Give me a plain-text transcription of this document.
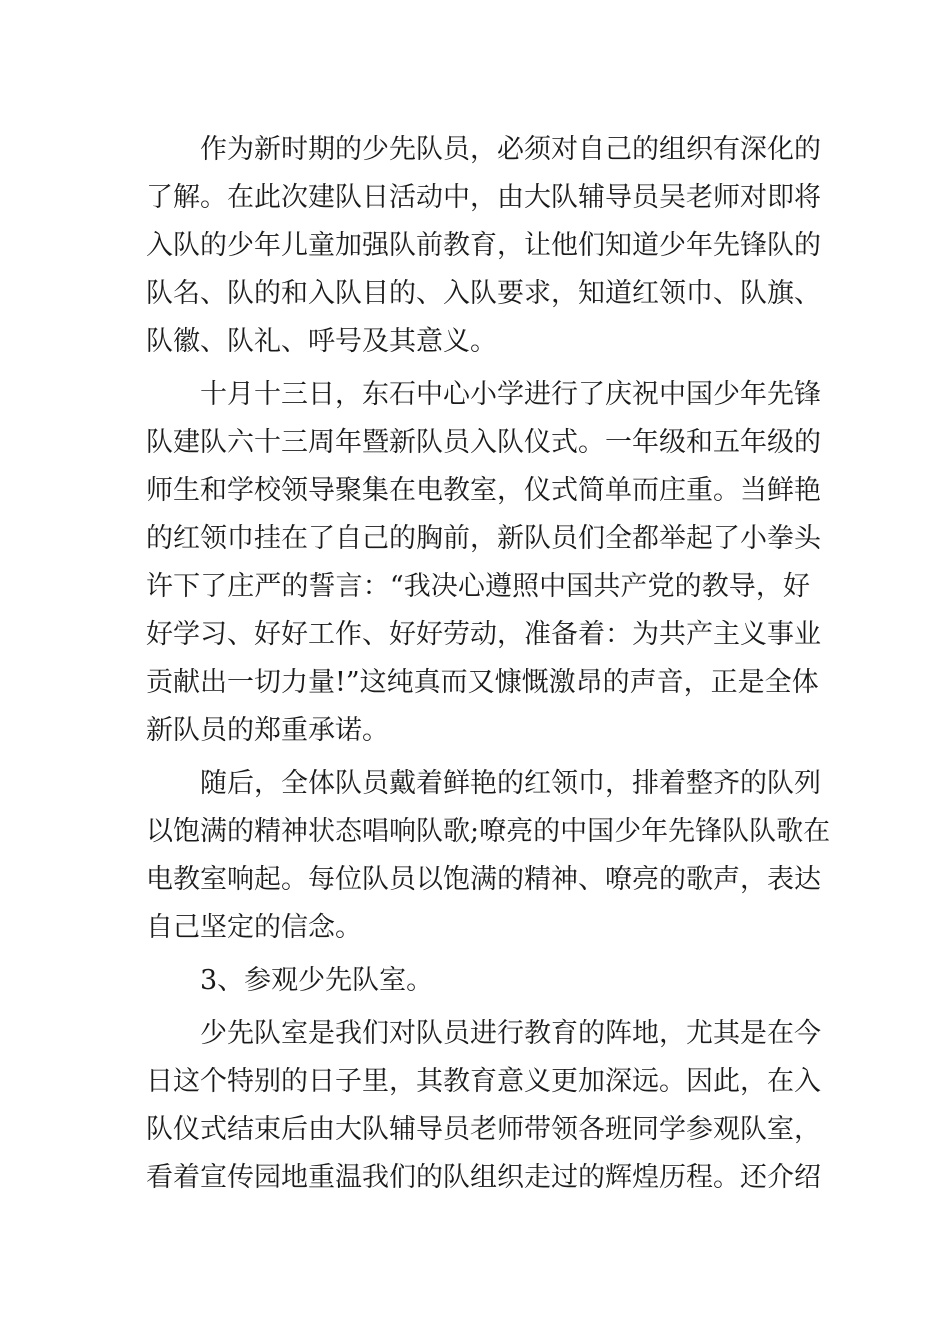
作为新时期的少先队员，必须对自己的组织有深化的
了解。在此次建队日活动中，由大队辅导员吴老师对即将
入队的少年儿童加强队前教育，让他们知道少年先锋队的
队名、队的和入队目的、入队要求，知道红领巾、队旗、
队徽、队礼、呼号及其意义。
十月十三日，东石中心小学进行了庆祝中国少年先锋
队建队六十三周年暨新队员入队仪式。一年级和五年级的
师生和学校领导聚集在电教室，仪式简单而庄重。当鲜艳
的红领巾挂在了自己的胸前，新队员们全都举起了小拳头
许下了庄严的誓言：“我决心遵照中国共产党的教导，好
好学习、好好工作、好好劳动，准备着：为共产主义事业
贡献出一切力量!”这纯真而又慷慨激昂的声音，正是全体
新队员的郑重承诺。
随后，全体队员戴着鲜艳的红领巾，排着整齐的队列
以饱满的精神状态唱响队歌;嘹亮的中国少年先锋队队歌在
电教室响起。每位队员以饱满的精神、嘹亮的歌声，表达
自己坚定的信念。
3、参观少先队室。
少先队室是我们对队员进行教育的阵地，尤其是在今
日这个特别的日子里，其教育意义更加深远。因此，在入
队仪式结束后由大队辅导员老师带领各班同学参观队室，
看着宣传园地重温我们的队组织走过的辉煌历程。还介绍
